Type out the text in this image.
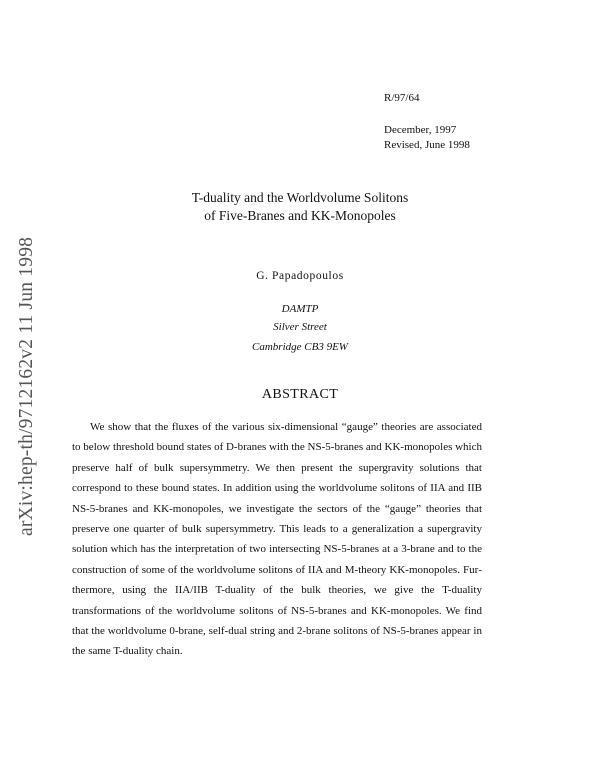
arXiv:hep-th/9712162v2 11 Jun 1998
R/97/64
December, 1997
Revised, June 1998
T-duality and the Worldvolume Solitons
of Five-Branes and KK-Monopoles
G. Papadopoulos
DAMTP
Silver Street
Cambridge CB3 9EW
ABSTRACT
We show that the fluxes of the various six-dimensional “gauge” theories are associated to below threshold bound states of D-branes with the NS-5-branes and KK-monopoles which preserve half of bulk supersymmetry. We then present the supergravity solutions that correspond to these bound states. In addition using the worldvolume solitons of IIA and IIB NS-5-branes and KK-monopoles, we investigate the sectors of the “gauge” theories that preserve one quarter of bulk supersymmetry. This leads to a generalization a supergravity solution which has the interpretation of two intersecting NS-5-branes at a 3-brane and to the construction of some of the worldvolume solitons of IIA and M-theory KK-monopoles. Furthermore, using the IIA/IIB T-duality of the bulk theories, we give the T-duality transformations of the worldvolume solitons of NS-5-branes and KK-monopoles. We find that the worldvolume 0-brane, self-dual string and 2-brane solitons of NS-5-branes appear in the same T-duality chain.
